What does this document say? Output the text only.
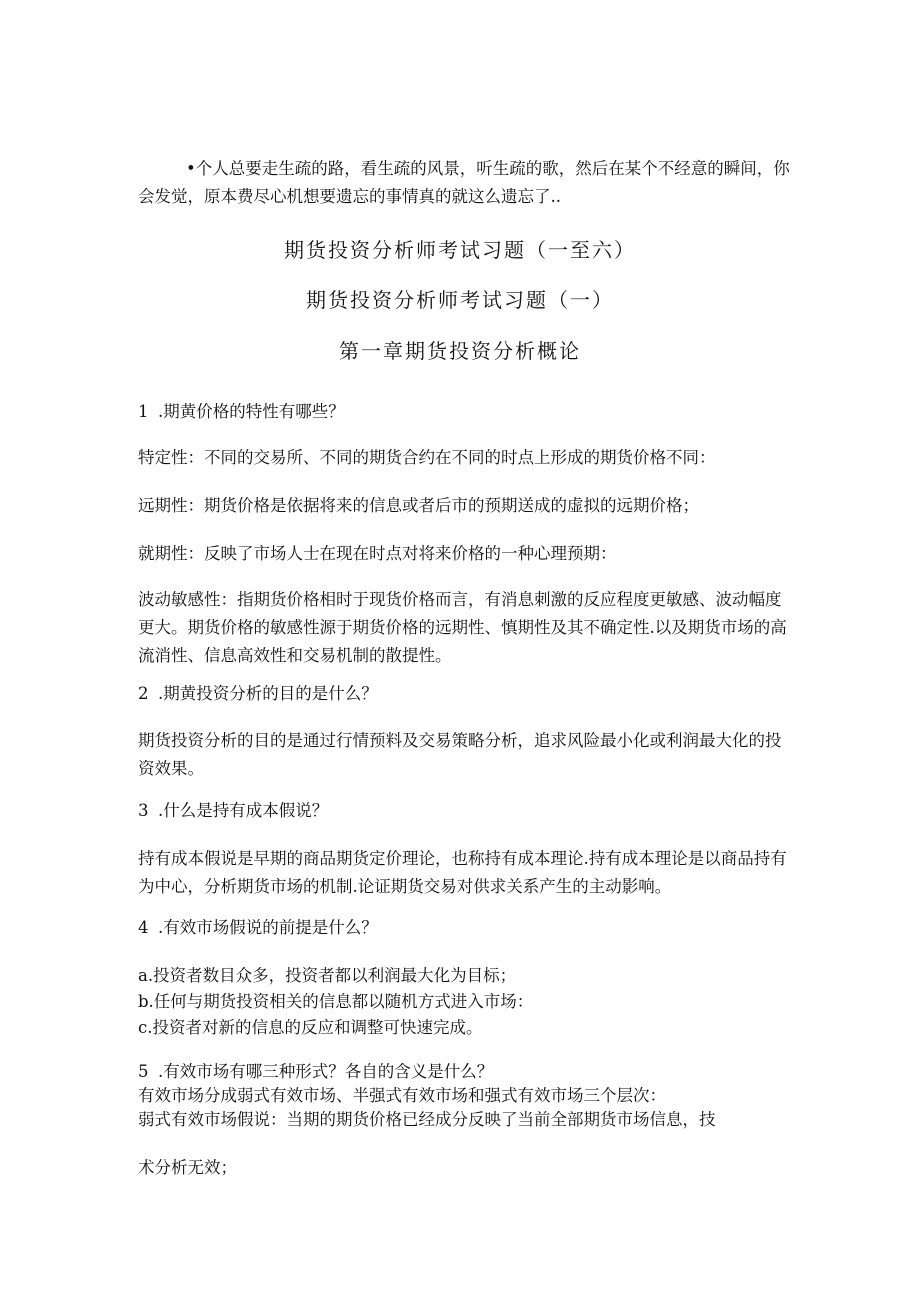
•个人总要走生疏的路，看生疏的风景，听生疏的歌，然后在某个不经意的瞬间，你会发觉，原本费尽心机想要遗忘的事情真的就这么遗忘了..
期货投资分析师考试习题（一至六）
期货投资分析师考试习题（一）
第一章期货投资分析概论
1 .期黄价格的特性有哪些？
特定性：不同的交易所、不同的期货合约在不同的时点上形成的期货价格不同：
远期性：期货价格是依据将来的信息或者后市的预期送成的虚拟的远期价格；
就期性：反映了市场人士在现在时点对将来价格的一种心理预期：
波动敏感性：指期货价格相时于现货价格而言，有消息刺激的反应程度更敏感、波动幅度更大。期货价格的敏感性源于期货价格的远期性、慎期性及其不确定性.以及期货市场的高流消性、信息高效性和交易机制的散提性。
2 .期黄投资分析的目的是什么？
期货投资分析的目的是通过行情预料及交易策略分析，追求风险最小化或利润最大化的投资效果。
3 .什么是持有成本假说？
持有成本假说是早期的商品期货定价理论，也称持有成本理论.持有成本理论是以商品持有为中心，分析期货市场的机制.论证期货交易对供求关系产生的主动影响。
4 .有效市场假说的前提是什么？
a.投资者数目众多，投资者都以利润最大化为目标；
b.任何与期货投资相关的信息都以随机方式进入市场：
c.投资者对新的信息的反应和调整可快速完成。
5 .有效市场有哪三种形式？各自的含义是什么？
有效市场分成弱式有效市场、半强式有效市场和强式有效市场三个层次：
弱式有效市场假说：当期的期货价格已经成分反映了当前全部期货市场信息，技
术分析无效；
